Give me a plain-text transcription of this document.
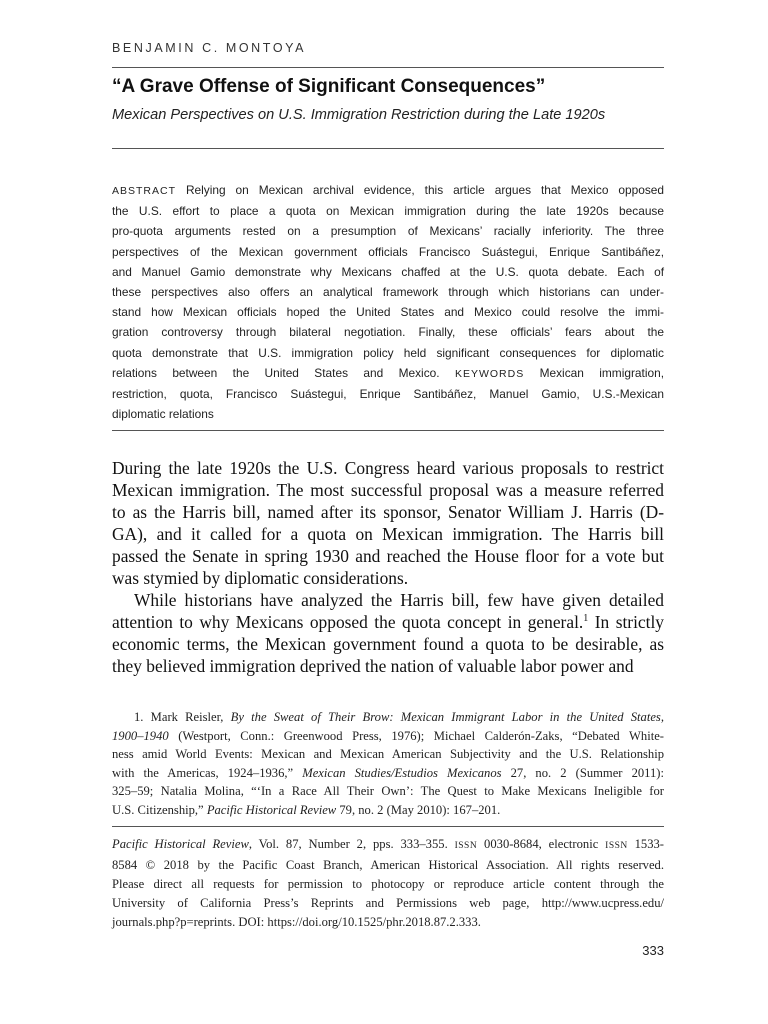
BENJAMIN C. MONTOYA
“A Grave Offense of Significant Consequences”
Mexican Perspectives on U.S. Immigration Restriction during the Late 1920s
ABSTRACT Relying on Mexican archival evidence, this article argues that Mexico opposed
the U.S. effort to place a quota on Mexican immigration during the late 1920s because
pro-quota arguments rested on a presumption of Mexicans’ racially inferiority. The three
perspectives of the Mexican government officials Francisco Suástegui, Enrique Santibáñez,
and Manuel Gamio demonstrate why Mexicans chaffed at the U.S. quota debate. Each of
these perspectives also offers an analytical framework through which historians can under-
stand how Mexican officials hoped the United States and Mexico could resolve the immi-
gration controversy through bilateral negotiation. Finally, these officials’ fears about the
quota demonstrate that U.S. immigration policy held significant consequences for diplomatic
relations between the United States and Mexico. KEYWORDS Mexican immigration,
restriction, quota, Francisco Suástegui, Enrique Santibáñez, Manuel Gamio, U.S.-Mexican
diplomatic relations
During the late 1920s the U.S. Congress heard various proposals to restrict
Mexican immigration. The most successful proposal was a measure referred
to as the Harris bill, named after its sponsor, Senator William J. Harris (D-
GA), and it called for a quota on Mexican immigration. The Harris bill
passed the Senate in spring 1930 and reached the House floor for a vote but
was stymied by diplomatic considerations.
While historians have analyzed the Harris bill, few have given detailed
attention to why Mexicans opposed the quota concept in general.$^1$ In strictly
economic terms, the Mexican government found a quota to be desirable, as
they believed immigration deprived the nation of valuable labor power and
1. Mark Reisler, By the Sweat of Their Brow: Mexican Immigrant Labor in the United States,
1900–1940 (Westport, Conn.: Greenwood Press, 1976); Michael Calderón-Zaks, “Debated White-
ness amid World Events: Mexican and Mexican American Subjectivity and the U.S. Relationship
with the Americas, 1924–1936,” Mexican Studies/Estudios Mexicanos 27, no. 2 (Summer 2011):
325–59; Natalia Molina, “‘In a Race All Their Own’: The Quest to Make Mexicans Ineligible for
U.S. Citizenship,” Pacific Historical Review 79, no. 2 (May 2010): 167–201.
Pacific Historical Review, Vol. 87, Number 2, pps. 333–355. ISSN 0030-8684, electronic ISSN 1533-
8584 © 2018 by the Pacific Coast Branch, American Historical Association. All rights reserved.
Please direct all requests for permission to photocopy or reproduce article content through the
University of California Press’s Reprints and Permissions web page, http://www.ucpress.edu/
journals.php?p=reprints. DOI: https://doi.org/10.1525/phr.2018.87.2.333.
333
